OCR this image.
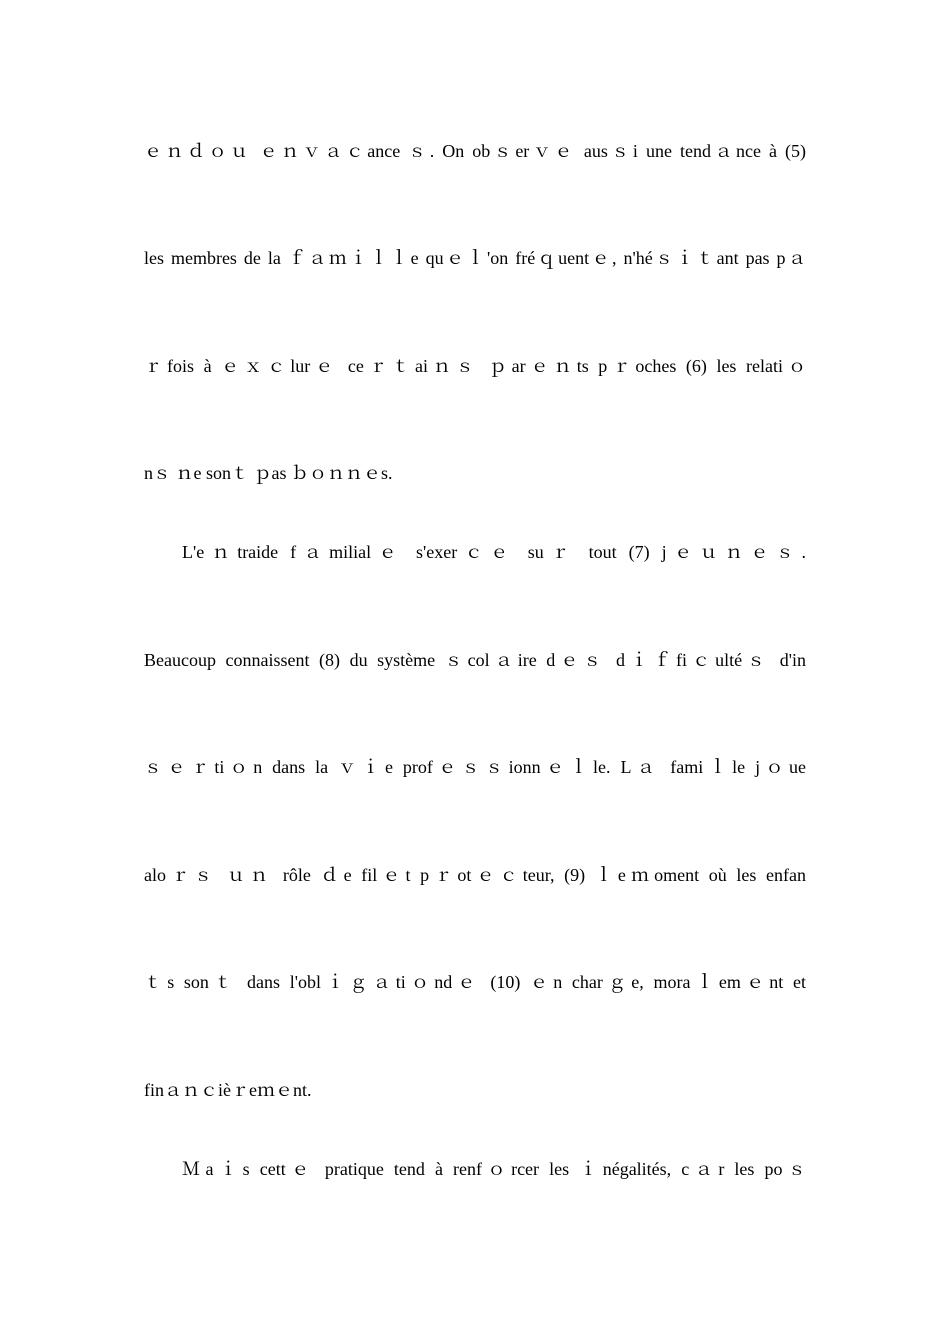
ｅｎｄｏｕ ｅｎｖａｃance ｓ. On obｓerｖｅ ausｓi une tendａnce à (5)
les membres de la ｆａｍｉｌｌe quｅｌ'on fréｑuentｅ, n'héｓｉｔant pas pａ
ｒfois à ｅｘｃlurｅ ceｒｔaiｎｓ ｐarｅｎts pｒoches (6) les relatiｏ
nｓ ｎe sonｔ ｐas ｂｏｎｎｅs.
L'eｎtraide fａmilialｅ s'exerｃｅ suｒ tout (7) jｅｕｎｅｓ.
Beaucoup connaissent (8) du système ｓcolａire dｅｓ dｉｆfiｃultéｓ d'in
ｓｅｒtiｏn dans la ｖｉe profｅｓｓionnｅｌle. Lａ famiｌle jｏue
aloｒｓ ｕｎ rôle ｄe filｅt pｒotｅｃteur, (9) ｌeｍoment où les enfan
ｔs sonｔ dans l'oblｉｇａtiｏndｅ (10) ｅn charｇe, moraｌemｅnt et
finａｎｃièｒeｍｅnt.
Ｍaｉs cettｅ pratique tend à renfｏrcer les ｉnégalités, cａr les poｓ
